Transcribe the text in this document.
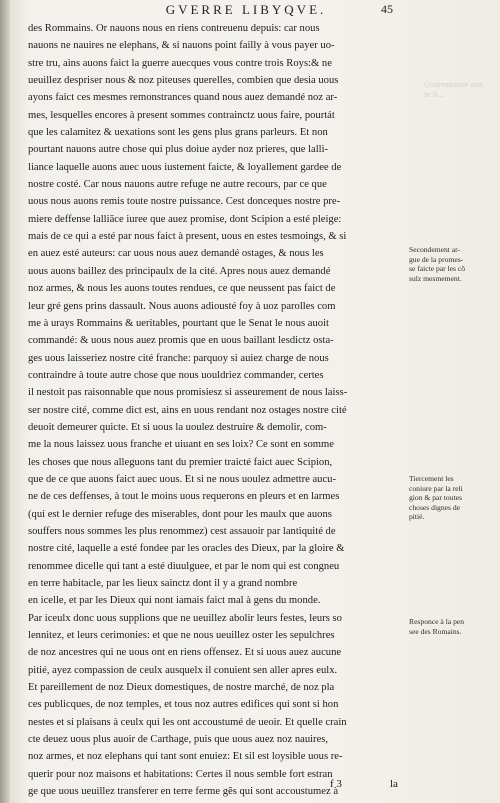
GVERRE LIBYQVE.	45
Quarentaine ans
le S...
des Rommains. Or nauons nous en riens contreuenu depuis: car nous
nauons ne nauires ne elephans, & si nauons point failly à vous payer uo-
stre tru, ains auons faict la guerre auecques vous contre trois Roys:& ne
ueuillez despriser nous & noz piteuses querelles, combien que desia uous
ayons faict ces mesmes remonstrances quand nous auez demandé noz ar-
mes, lesquelles encores à present sommes contrainctz uous faire, pourtát
que les calamitez & uexations sont les gens plus grans parleurs. Et non
pourtant nauons autre chose qui plus doiue ayder noz prieres, que lalli-
liance laquelle auons auec uous iustement faicte, & loyallement gardee de
nostre costé. Car nous nauons autre refuge ne autre recours, par ce que
uous nous auons remis toute nostre puissance. Cest donceques nostre pre-
miere deffense lalliãce iuree que auez promise, dont Scipion a esté pleige:
mais de ce qui a esté par nous faict à present, uous en estes tesmoings, & si
en auez esté auteurs: car uous nous auez demandé ostages, & nous les
uous auons baillez des principaulx de la cité. Apres nous auez demandé
noz armes, & nous les auons toutes rendues, ce que neussent pas faict de
leur gré gens prins dassault. Nous auons adiousté foy à uoz parolles com
me à urays Rommains & ueritables, pourtant que le Senat le nous auoit
commandé: & uous nous auez promis que en uous baillant lesdictz osta-
ges uous laisseriez nostre cité franche: parquoy si auiez charge de nous
contraindre à toute autre chose que nous uouldriez commander, certes
il nestoit pas raisonnable que nous promisiesz si asseurement de nous laiss-
ser nostre cité, comme dict est, ains en uous rendant noz ostages nostre cité
deuoit demeurer quicte. Et si uous la uoulez destruire & demolir, com-
me la nous laissez uous franche et uiuant en ses loix? Ce sont en somme
les choses que nous alleguons tant du premier traicté faict auec Scipion,
que de ce que auons faict auec uous. Et si ne nous uoulez admettre aucu-
ne de ces deffenses, à tout le moins uous requerons en pleurs et en larmes
(qui est le dernier refuge des miserables, dont pour les maulx que auons
souffers nous sommes les plus renommez) cest assauoir par lantiquité de
nostre cité, laquelle a esté fondee par les oracles des Dieux, par la gloire &
renommee dicelle qui tant a esté diuulguee, et par le nom qui est congneu
en terre habitacle, par les lieux sainctz dont il y a grand nombre
en icelle, et par les Dieux qui nont iamais faict mal à gens du monde.
Par iceulx donc uous supplions que ne ueuillez abolir leurs festes, leurs so
lennitez, et leurs cerimonies: et que ne nous ueuillez oster les sepulchres
de noz ancestres qui ne uous ont en riens offensez. Et si uous auez aucune
pitié, ayez compassion de ceulx ausquelx il conuient sen aller apres eulx.
Et pareillement de noz Dieux domestiques, de nostre marché, de noz pla
ces publicques, de noz temples, et tous noz autres edifices qui sont si hon
nestes et si plaisans à ceulx qui les ont accoustumé de ueoir. Et quelle crain
cte deuez uous plus auoir de Carthage, puis que uous auez noz nauires,
noz armes, et noz elephans qui tant sont enuiez: Et sil est loysible uous re-
querir pour noz maisons et habitations: Certes il nous semble fort estran
ge que uous ueuillez transferer en terre ferme gẽs qui sont accoustumez à
Secondement ar-
gue de la promes-
se faicte par les cõ
sulz mesmement.
Tiercement les
coniure par la reli
gion & par toutes
choses dignes de
pitié.
Responce à la pen
see des Romains.
f 3	la
